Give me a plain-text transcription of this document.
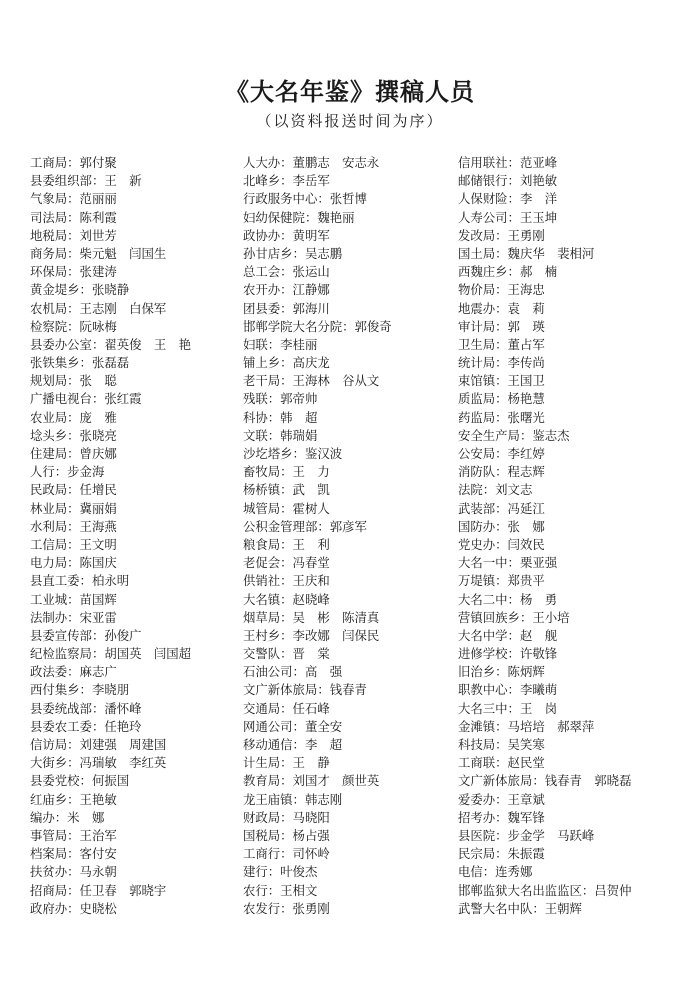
《大名年鉴》撰稿人员
（以资料报送时间为序）
工商局：郭付聚
县委组织部：王　新
气象局：范丽丽
司法局：陈利霞
地税局：刘世芳
商务局：柴元魁　闫国生
环保局：张建涛
黄金堤乡：张晓静
农机局：王志刚　白保军
检察院：阮咏梅
县委办公室：翟英俊　王　艳
张铁集乡：张磊磊
规划局：张　聪
广播电视台：张红霞
农业局：庞　雅
埝头乡：张晓亮
住建局：曾庆娜
人行：步金海
民政局：任增民
林业局：冀丽娟
水利局：王海燕
工信局：王文明
电力局：陈国庆
县直工委：柏永明
工业城：苗国辉
法制办：宋亚雷
县委宣传部：孙俊广
纪检监察局：胡国英　闫国超
政法委：麻志广
西付集乡：李晓朋
县委统战部：潘怀峰
县委农工委：任艳玲
信访局：刘建强　周建国
大街乡：冯瑞敏　李红英
县委党校：何振国
红庙乡：王艳敏
编办：米　娜
事管局：王治军
档案局：客付安
扶贫办：马永朝
招商局：任卫春　郭晓宇
政府办：史晓松
人大办：董鹏志　安志永
北峰乡：李岳军
行政服务中心：张哲博
妇幼保健院：魏艳丽
政协办：黄明军
孙甘店乡：吴志鹏
总工会：张运山
农开办：江静娜
团县委：郭海川
邯郸学院大名分院：郭俊奇
妇联：李桂丽
铺上乡：高庆龙
老干局：王海林　谷从文
残联：郭帝帅
科协：韩　超
文联：韩瑞娟
沙圪塔乡：鉴汉波
畜牧局：王　力
杨桥镇：武　凯
城管局：霍树人
公积金管理部：郭彦军
粮食局：王　利
老促会：冯春堂
供销社：王庆和
大名镇：赵晓峰
烟草局：吴　彬　陈清真
王村乡：李改娜　闫保民
交警队：晋　棠
石油公司：高　强
文广新体旅局：钱春青
交通局：任石峰
网通公司：董全安
移动通信：李　超
计生局：王　静
教育局：刘国才　颜世英
龙王庙镇：韩志刚
财政局：马晓阳
国税局：杨占强
工商行：司怀岭
建行：叶俊杰
农行：王相文
农发行：张勇刚
信用联社：范亚峰
邮储银行：刘艳敏
人保财险：李　洋
人寿公司：王玉坤
发改局：王勇刚
国土局：魏庆华　裴相河
西魏庄乡：郝　楠
物价局：王海忠
地震办：袁　莉
审计局：郭　瑛
卫生局：董占军
统计局：李传尚
束馆镇：王国卫
质监局：杨艳慧
药监局：张曙光
安全生产局：鉴志杰
公安局：李红婷
消防队：程志辉
法院：刘文志
武装部：冯延江
国防办：张　娜
党史办：闫效民
大名一中：栗亚强
万堤镇：郑贵平
大名二中：杨　勇
营镇回族乡：王小培
大名中学：赵　舰
进修学校：许敬锋
旧治乡：陈炳辉
职教中心：李曦萌
大名三中：王　岗
金滩镇：马培培　郝翠萍
科技局：吴笑寒
工商联：赵民堂
文广新体旅局：钱春青　郭晓磊
爱委办：王章斌
招考办：魏军锋
县医院：步金学　马跃峰
民宗局：朱振霞
电信：连秀娜
邯郸监狱大名出监监区：吕贺仲
武警大名中队：王朝辉
